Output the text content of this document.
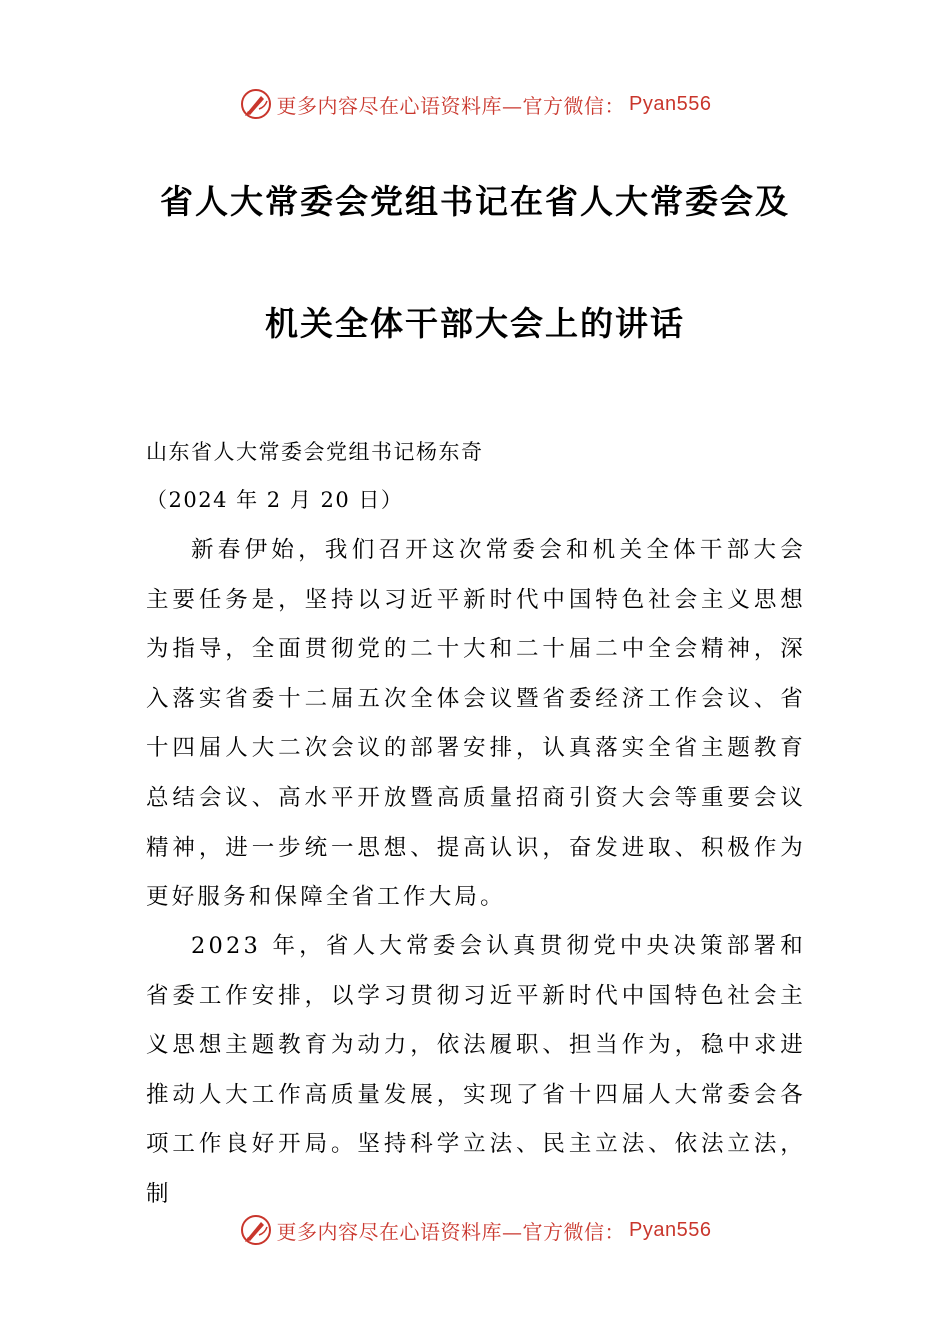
更多内容尽在心语资料库—官方微信： Pyan556
省人大常委会党组书记在省人大常委会及
机关全体干部大会上的讲话
山东省人大常委会党组书记杨东奇
（2024 年 2 月 20 日）

新春伊始，我们召开这次常委会和机关全体干部大会主要任务是，坚持以习近平新时代中国特色社会主义思想为指导，全面贯彻党的二十大和二十届二中全会精神，深入落实省委十二届五次全体会议暨省委经济工作会议、省十四届人大二次会议的部署安排，认真落实全省主题教育总结会议、高水平开放暨高质量招商引资大会等重要会议精神，进一步统一思想、提高认识，奋发进取、积极作为更好服务和保障全省工作大局。

2023 年，省人大常委会认真贯彻党中央决策部署和省委工作安排，以学习贯彻习近平新时代中国特色社会主义思想主题教育为动力，依法履职、担当作为，稳中求进推动人大工作高质量发展，实现了省十四届人大常委会各项工作良好开局。坚持科学立法、民主立法、依法立法，制

更多内容尽在心语资料库—官方微信： Pyan556
